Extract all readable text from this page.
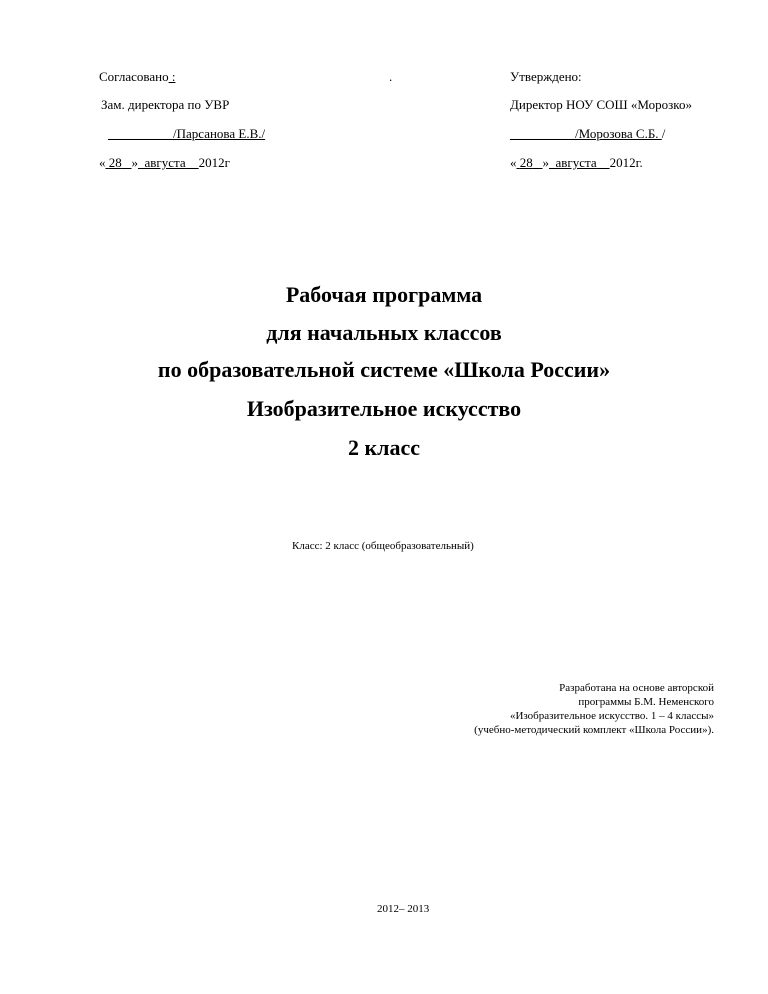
Согласовано :
Зам. директора по УВР
__________/Парсанова Е.В./
« 28 » августа 2012г
.	Утверждено:
Директор НОУ СОШ «Морозко»
__________/Морозова С.Б. /
« 28 » августа 2012г.
Рабочая программа
для начальных классов
по образовательной системе «Школа России»
Изобразительное искусство
2 класс
Класс: 2 класс (общеобразовательный)
Разработана на основе авторской
программы Б.М. Неменского
«Изобразительное искусство. 1 – 4 классы»
(учебно-методический комплект «Школа России»).
2012– 2013
